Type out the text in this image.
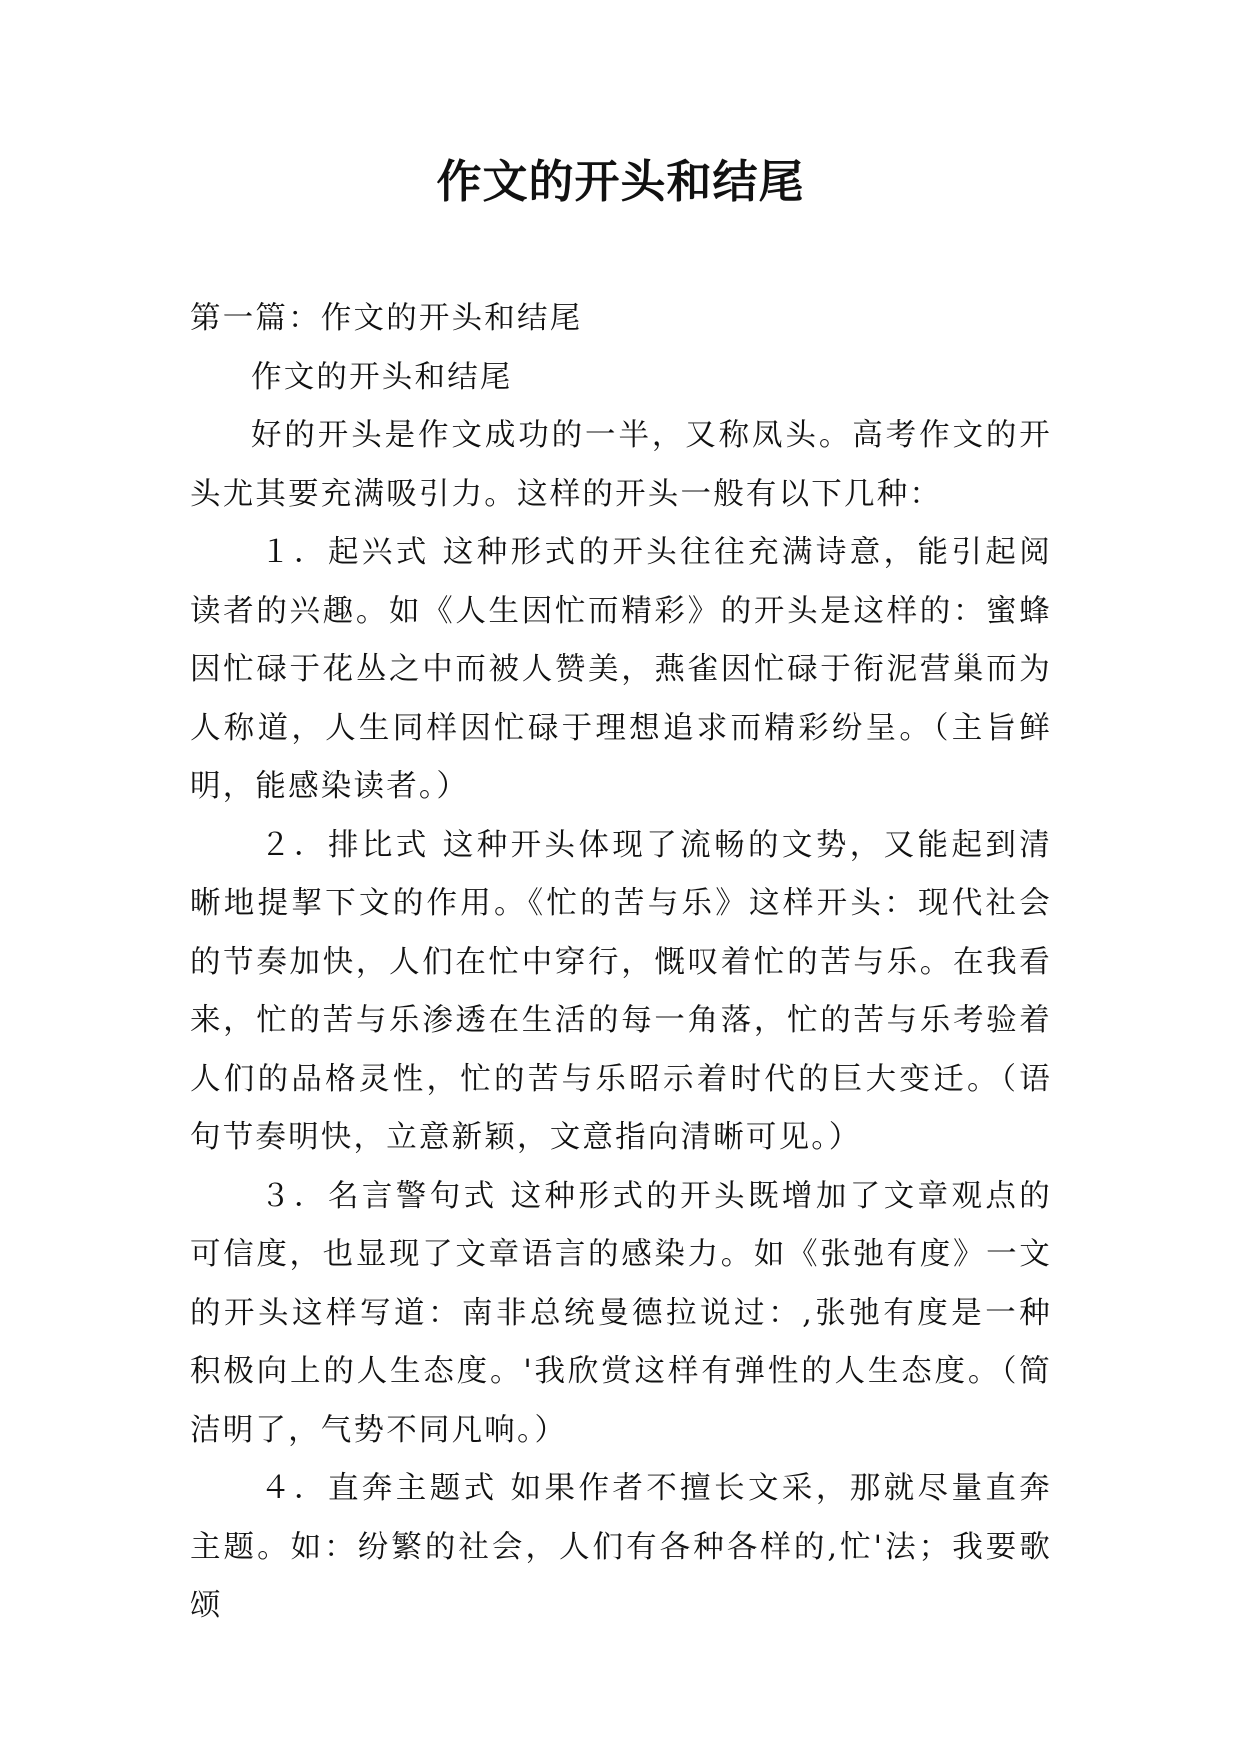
作文的开头和结尾

第一篇：作文的开头和结尾

作文的开头和结尾

好的开头是作文成功的一半，又称凤头。高考作文的开头尤其要充满吸引力。这样的开头一般有以下几种：

１．起兴式 这种形式的开头往往充满诗意，能引起阅读者的兴趣。如《人生因忙而精彩》的开头是这样的：蜜蜂因忙碌于花丛之中而被人赞美，燕雀因忙碌于衔泥营巢而为人称道，人生同样因忙碌于理想追求而精彩纷呈。（主旨鲜明，能感染读者。）

２．排比式 这种开头体现了流畅的文势，又能起到清晰地提挈下文的作用。《忙的苦与乐》这样开头：现代社会的节奏加快，人们在忙中穿行，慨叹着忙的苦与乐。在我看来，忙的苦与乐渗透在生活的每一角落，忙的苦与乐考验着人们的品格灵性，忙的苦与乐昭示着时代的巨大变迁。（语句节奏明快，立意新颖，文意指向清晰可见。）

３．名言警句式 这种形式的开头既增加了文章观点的可信度，也显现了文章语言的感染力。如《张弛有度》一文的开头这样写道：南非总统曼德拉说过：,张弛有度是一种积极向上的人生态度。'我欣赏这样有弹性的人生态度。（简洁明了，气势不同凡响。）

４．直奔主题式 如果作者不擅长文采，那就尽量直奔主题。如：纷繁的社会，人们有各种各样的,忙'法；我要歌颂
